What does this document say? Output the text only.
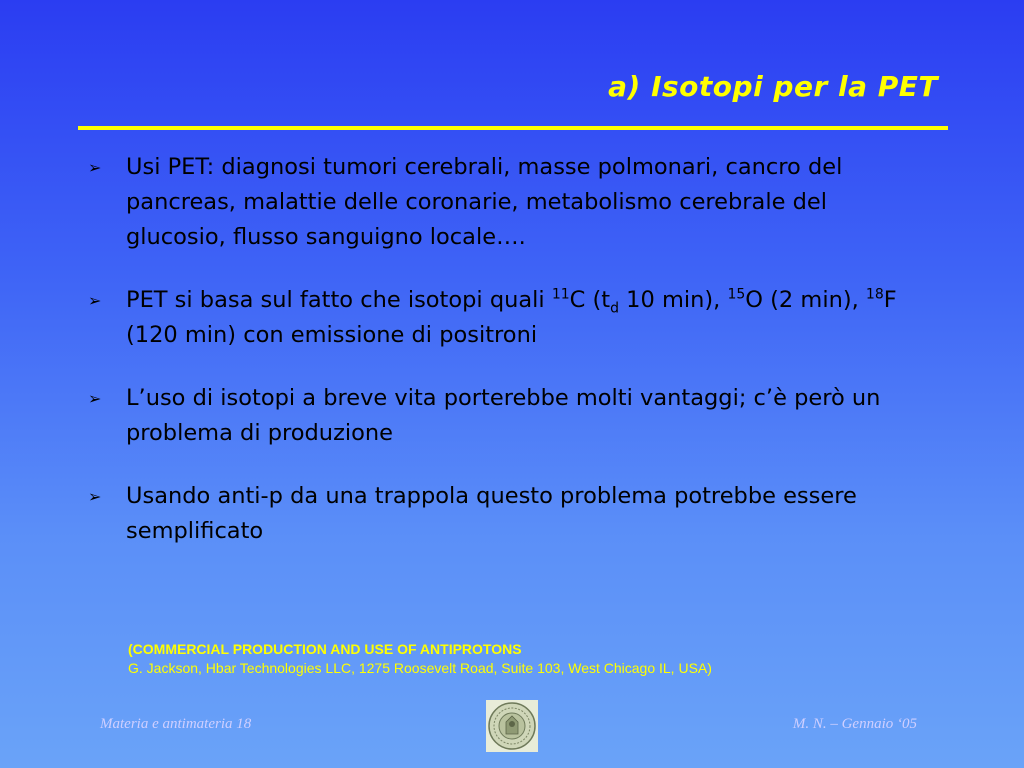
a) Isotopi per la PET
➢ Usi PET: diagnosi tumori cerebrali, masse polmonari, cancro del pancreas, malattie delle coronarie, metabolismo cerebrale del glucosio, flusso sanguigno locale….
➢ PET si basa sul fatto che isotopi quali $^{11}$C ($t_d$ 10 min), $^{15}$O (2 min), $^{18}$F (120 min) con emissione di positroni
➢ L’uso di isotopi a breve vita porterebbe molti vantaggi; c’è però un problema di produzione
➢ Usando anti-p da una trappola questo problema potrebbe essere semplificato
(COMMERCIAL PRODUCTION AND USE OF ANTIPROTONS
G. Jackson, Hbar Technologies LLC, 1275 Roosevelt Road, Suite 103, West Chicago IL, USA)
Materia e antimateria 18	M. N. – Gennaio ‘05
